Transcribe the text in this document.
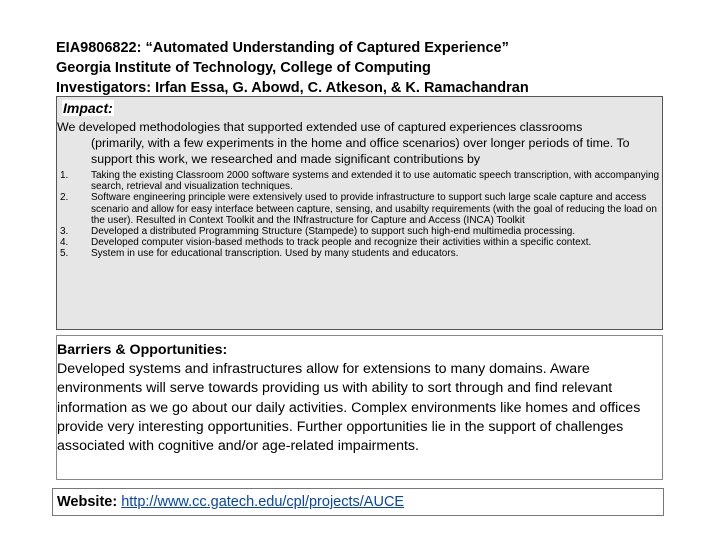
EIA9806822: “Automated Understanding of Captured Experience”
Georgia Institute of Technology, College of Computing
Investigators: Irfan Essa, G. Abowd, C. Atkeson, & K. Ramachandran
Impact:
We developed methodologies that supported extended use of captured experiences classrooms
(primarily, with a few experiments in the home and office scenarios) over longer periods of time. To support this work, we researched and made significant contributions by
1.	Taking the existing Classroom 2000 software systems and extended it to use automatic speech transcription, with accompanying search, retrieval and visualization techniques.
2.	Software engineering principle were extensively used to provide infrastructure to support such large scale capture and access scenario and allow for easy interface between capture, sensing, and usabilty requirements (with the goal of reducing the load on the user). Resulted in Context Toolkit and the INfrastructure for Capture and Access (INCA) Toolkit
3.	Developed a distributed Programming Structure (Stampede) to support such high-end multimedia processing.
4.	Developed computer vision-based methods to track people and recognize their activities within a specific context.
5.	System in use for educational transcription. Used by many students and educators.
Barriers & Opportunities:
Developed systems and infrastructures allow for extensions to many domains. Aware environments will serve towards providing us with ability to sort through and find relevant information as we go about our daily activities. Complex environments like homes and offices provide very interesting opportunities. Further opportunities lie in the support of challenges associated with cognitive and/or age-related impairments.
Website: http://www.cc.gatech.edu/cpl/projects/AUCE
